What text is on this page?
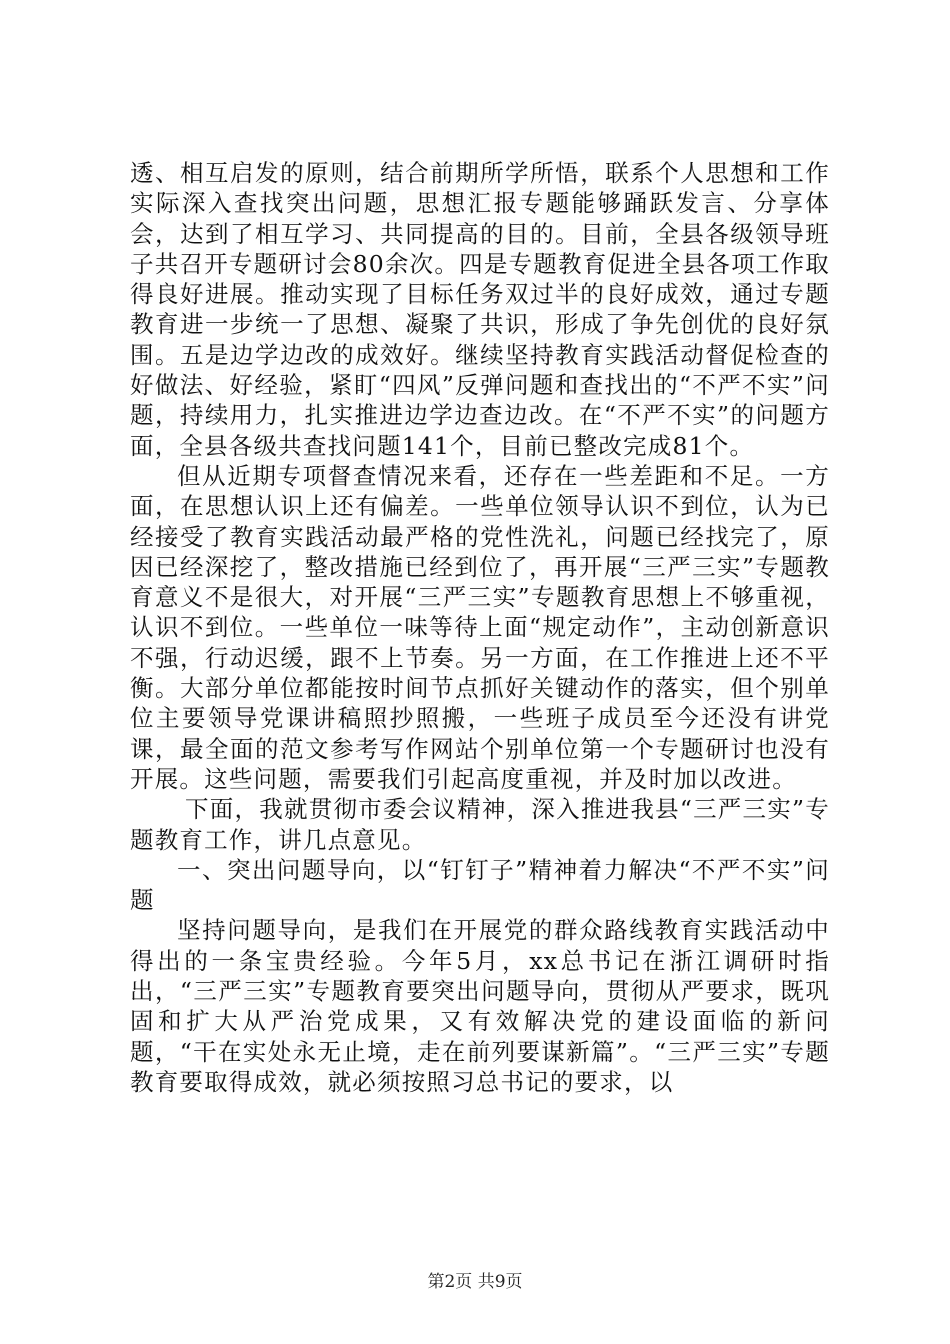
透、相互启发的原则，结合前期所学所悟，联系个人思想和工作实际深入查找突出问题，思想汇报专题能够踊跃发言、分享体会，达到了相互学习、共同提高的目的。目前，全县各级领导班子共召开专题研讨会80余次。四是专题教育促进全县各项工作取得良好进展。推动实现了目标任务双过半的良好成效，通过专题教育进一步统一了思想、凝聚了共识，形成了争先创优的良好氛围。五是边学边改的成效好。继续坚持教育实践活动督促检查的好做法、好经验，紧盯“四风”反弹问题和查找出的“不严不实”问题，持续用力，扎实推进边学边查边改。在“不严不实”的问题方面，全县各级共查找问题141个，目前已整改完成81个。

但从近期专项督查情况来看，还存在一些差距和不足。一方面，在思想认识上还有偏差。一些单位领导认识不到位，认为已经接受了教育实践活动最严格的党性洗礼，问题已经找完了，原因已经深挖了，整改措施已经到位了，再开展“三严三实”专题教育意义不是很大，对开展“三严三实”专题教育思想上不够重视，认识不到位。一些单位一味等待上面“规定动作”，主动创新意识不强，行动迟缓，跟不上节奏。另一方面，在工作推进上还不平衡。大部分单位都能按时间节点抓好关键动作的落实，但个别单位主要领导党课讲稿照抄照搬，一些班子成员至今还没有讲党课，最全面的范文参考写作网站个别单位第一个专题研讨也没有开展。这些问题，需要我们引起高度重视，并及时加以改进。

下面，我就贯彻市委会议精神，深入推进我县“三严三实”专题教育工作，讲几点意见。

一、突出问题导向，以“钉钉子”精神着力解决“不严不实”问题

坚持问题导向，是我们在开展党的群众路线教育实践活动中得出的一条宝贵经验。今年5月，xx总书记在浙江调研时指出，“三严三实”专题教育要突出问题导向，贯彻从严要求，既巩固和扩大从严治党成果，又有效解决党的建设面临的新问题，“干在实处永无止境，走在前列要谋新篇”。“三严三实”专题教育要取得成效，就必须按照习总书记的要求，以

第2页 共9页
